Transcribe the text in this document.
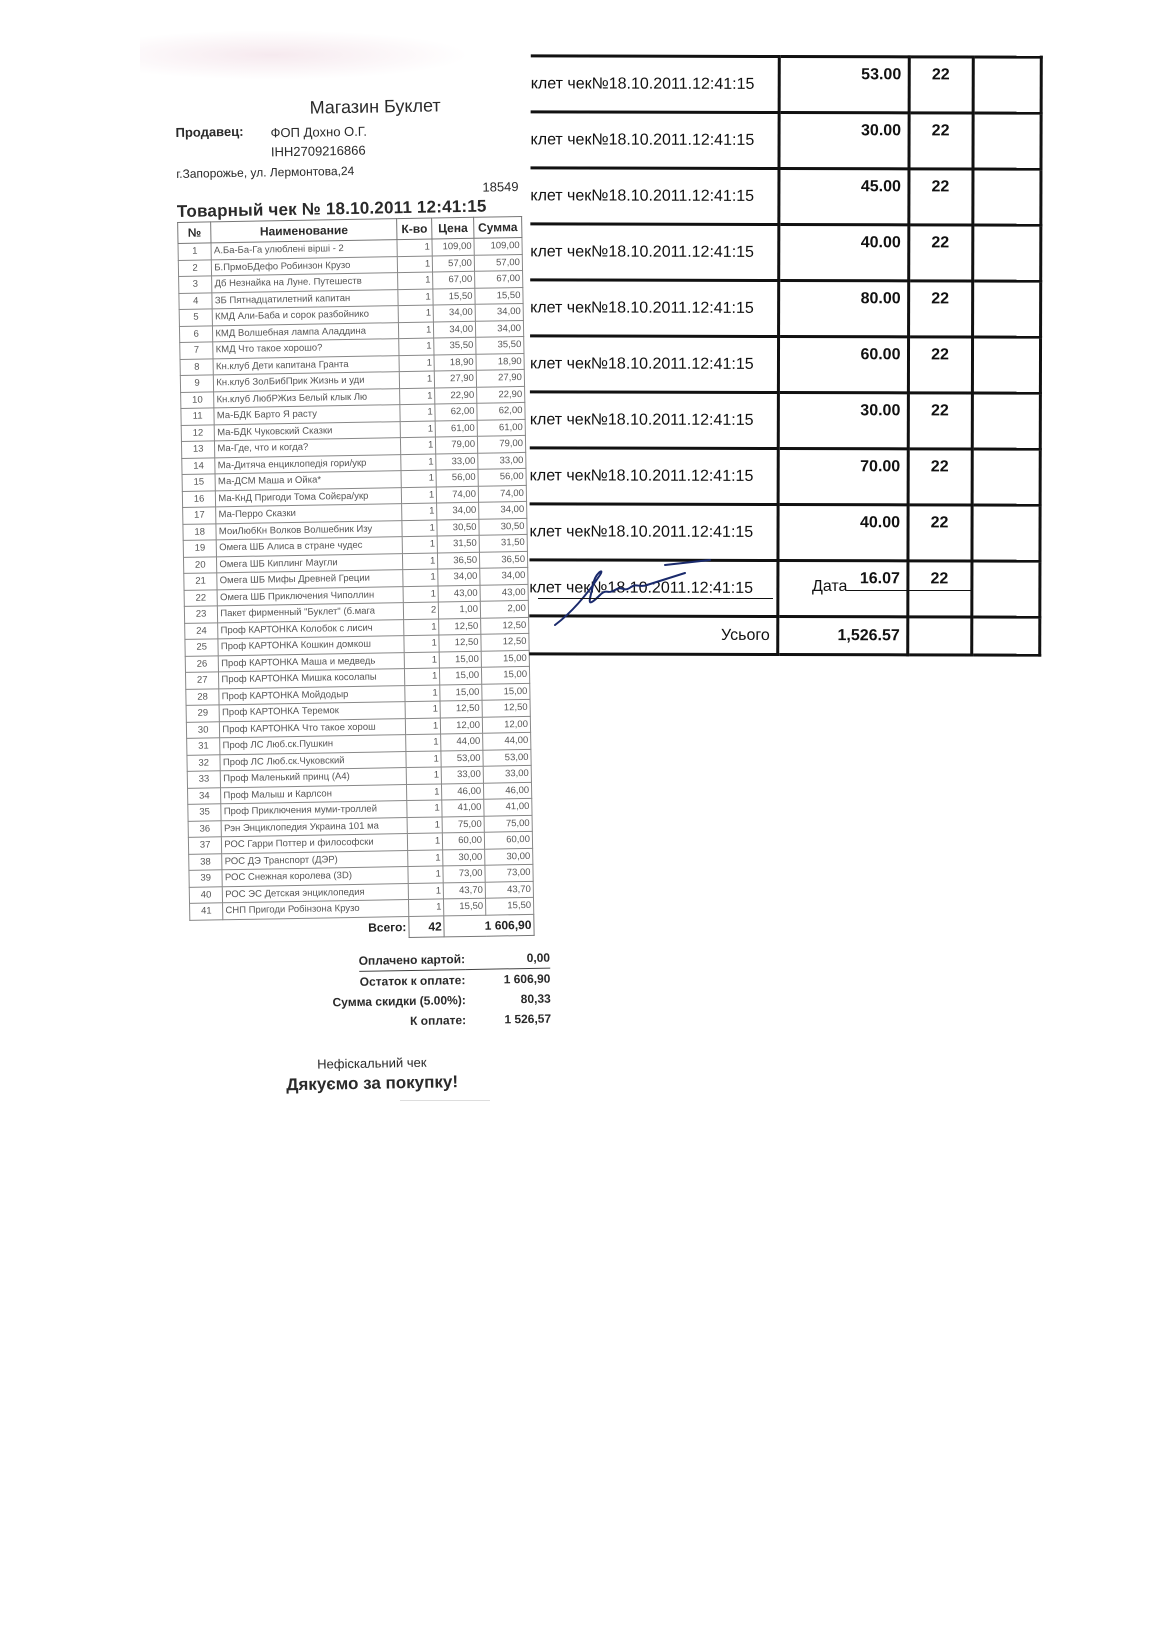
Магазин Буклет
Продавец:	ФОП Дохно О.Г.
IНН2709216866
г.Запорожье, ул. Лермонтова,24
18549
Товарный чек № 18.10.2011 12:41:15
№	Наименование	К-во	Цена	Сумма
1	А.Ба-Ба-Га улюбленi вiршi - 2	1	109,00	109,00
2	Б.ПрмоБДефо Робинзон Крузо	1	57,00	57,00
3	Дб Незнайка на Луне. Путешеств	1	67,00	67,00
4	ЗБ Пятнадцатилетний капитан	1	15,50	15,50
5	КМД Али-Баба и сорок разбойнико	1	34,00	34,00
6	КМД Волшебная лампа Аладдина	1	34,00	34,00
7	КМД Что такое хорошо?	1	35,50	35,50
8	Кн.клуб Дети капитана Гранта	1	18,90	18,90
9	Кн.клуб ЗолБибПрик Жизнь и уди	1	27,90	27,90
10	Кн.клуб ЛюбРЖиз Белый клык Лю	1	22,90	22,90
11	Ма-БДК Барто Я расту	1	62,00	62,00
12	Ма-БДК Чуковский Сказки	1	61,00	61,00
13	Ма-Где, что и когда?	1	79,00	79,00
14	Ма-Дитяча енциклопедiя гори/укр	1	33,00	33,00
15	Ма-ДСМ Маша и Ойка*	1	56,00	56,00
16	Ма-КнД Пригоди Тома Сойєра/укр	1	74,00	74,00
17	Ма-Перро Сказки	1	34,00	34,00
18	МоиЛюбКн Волков Волшебник Изу	1	30,50	30,50
19	Омега ШБ Алиса в стране чудес	1	31,50	31,50
20	Омега ШБ Киплинг Маугли	1	36,50	36,50
21	Омега ШБ Мифы Древней Греции	1	34,00	34,00
22	Омега ШБ Приключения Чиполлин	1	43,00	43,00
23	Пакет фирменный "Буклет" (б.мага	2	1,00	2,00
24	Проф КАРТОНКА Колобок с лисич	1	12,50	12,50
25	Проф КАРТОНКА Кошкин домкош	1	12,50	12,50
26	Проф КАРТОНКА Маша и медведь	1	15,00	15,00
27	Проф КАРТОНКА Мишка косолапы	1	15,00	15,00
28	Проф КАРТОНКА Мойдодыр	1	15,00	15,00
29	Проф КАРТОНКА Теремок	1	12,50	12,50
30	Проф КАРТОНКА Что такое хорош	1	12,00	12,00
31	Проф ЛС Люб.ск.Пушкин	1	44,00	44,00
32	Проф ЛС Люб.ск.Чуковский	1	53,00	53,00
33	Проф Маленький принц (А4)	1	33,00	33,00
34	Проф Малыш и Карлсон	1	46,00	46,00
35	Проф Приключения муми-троллей	1	41,00	41,00
36	Рэн Энциклопедия Украина 101 ма	1	75,00	75,00
37	РОС Гарри Поттер и философски	1	60,00	60,00
38	РОС ДЭ Транспорт (ДЭР)	1	30,00	30,00
39	РОС Снежная королева (3D)	1	73,00	73,00
40	РОС ЭС Детская энциклопедия	1	43,70	43,70
41	СНП Пригоди Робiнзона Крузо	1	15,50	15,50
	Всего:	42	1 606,90	
Оплачено картой:	0,00
Остаток к оплате:	1 606,90
Сумма скидки (5.00%):	80,33
К оплате:	1 526,57
Нефiскальний чек
Дякуємо за покупку!
клет чек№18.10.2011.12:41:15	53.00	22	
клет чек№18.10.2011.12:41:15	30.00	22	
клет чек№18.10.2011.12:41:15	45.00	22	
клет чек№18.10.2011.12:41:15	40.00	22	
клет чек№18.10.2011.12:41:15	80.00	22	
клет чек№18.10.2011.12:41:15	60.00	22	
клет чек№18.10.2011.12:41:15	30.00	22	
клет чек№18.10.2011.12:41:15	70.00	22	
клет чек№18.10.2011.12:41:15	40.00	22	
клет чек№18.10.2011.12:41:15	16.07	22	
Усього	1,526.57		
Дата
